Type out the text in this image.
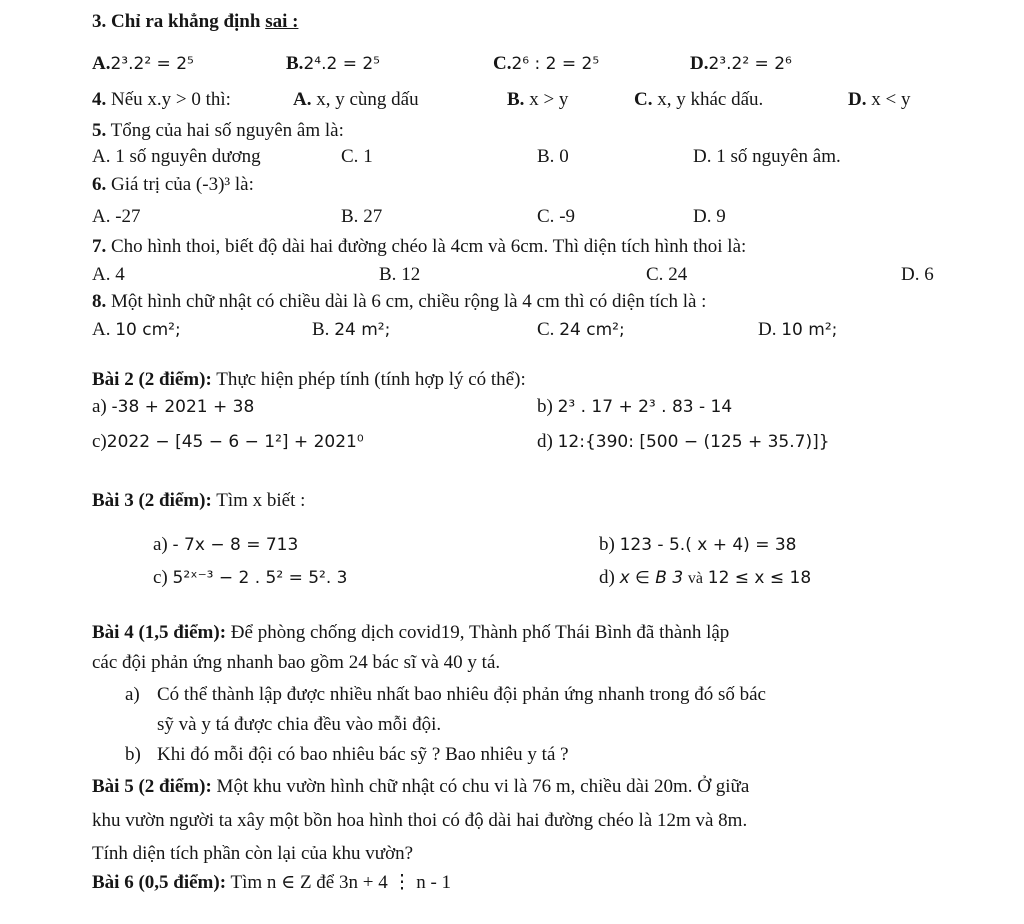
3. Chỉ ra khẳng định sai :
A.2³.2² = 2⁵	B.2⁴.2 = 2⁵	C.2⁶ : 2 = 2⁵	D.2³.2² = 2⁶
4. Nếu x.y > 0 thì:	A. x, y cùng dấu	B. x > y	C. x, y khác dấu.	D. x < y
5. Tổng của hai số nguyên âm là:
A. 1 số nguyên dương	C. 1	B. 0	D. 1 số nguyên âm.
6. Giá trị của (-3)³ là:
A. -27	B. 27	C. -9	D. 9
7. Cho hình thoi, biết độ dài hai đường chéo là 4cm và 6cm. Thì diện tích hình thoi là:
A. 4	B. 12	C. 24	D. 6
8. Một hình chữ nhật có chiều dài là 6 cm, chiều rộng là 4 cm thì có diện tích là :
A. 10 cm²;	B. 24 m²;	C. 24 cm²;	D. 10 m²;
Bài 2 (2 điểm): Thực hiện phép tính (tính hợp lý có thể):
a) -38 + 2021 + 38	b) 2³ . 17 + 2³ . 83 - 14
c)2022 − [45 − 6 − 1²] + 2021⁰	d) 12:{390: [500 − (125 + 35.7)]}
Bài 3 (2 điểm): Tìm x biết :
a) - 7x − 8 = 713	b) 123 - 5.( x + 4) = 38
c) 5²ˣ⁻³ − 2 . 5² = 5². 3	d) x ∈ B 3 và 12 ≤ x ≤ 18
Bài 4 (1,5 điểm): Để phòng chống dịch covid19, Thành phố Thái Bình đã thành lập
các đội phản ứng nhanh bao gồm 24 bác sĩ và 40 y tá.
a) Có thể thành lập được nhiều nhất bao nhiêu đội phản ứng nhanh trong đó số bác
sỹ và y tá được chia đều vào mỗi đội.
b) Khi đó mỗi đội có bao nhiêu bác sỹ ? Bao nhiêu y tá ?
Bài 5 (2 điểm): Một khu vườn hình chữ nhật có chu vi là 76 m, chiều dài 20m. Ở giữa
khu vườn người ta xây một bồn hoa hình thoi có độ dài hai đường chéo là 12m và 8m.
Tính diện tích phần còn lại của khu vườn?
Bài 6 (0,5 điểm): Tìm n ∈ Z để 3n + 4 ⋮ n - 1
